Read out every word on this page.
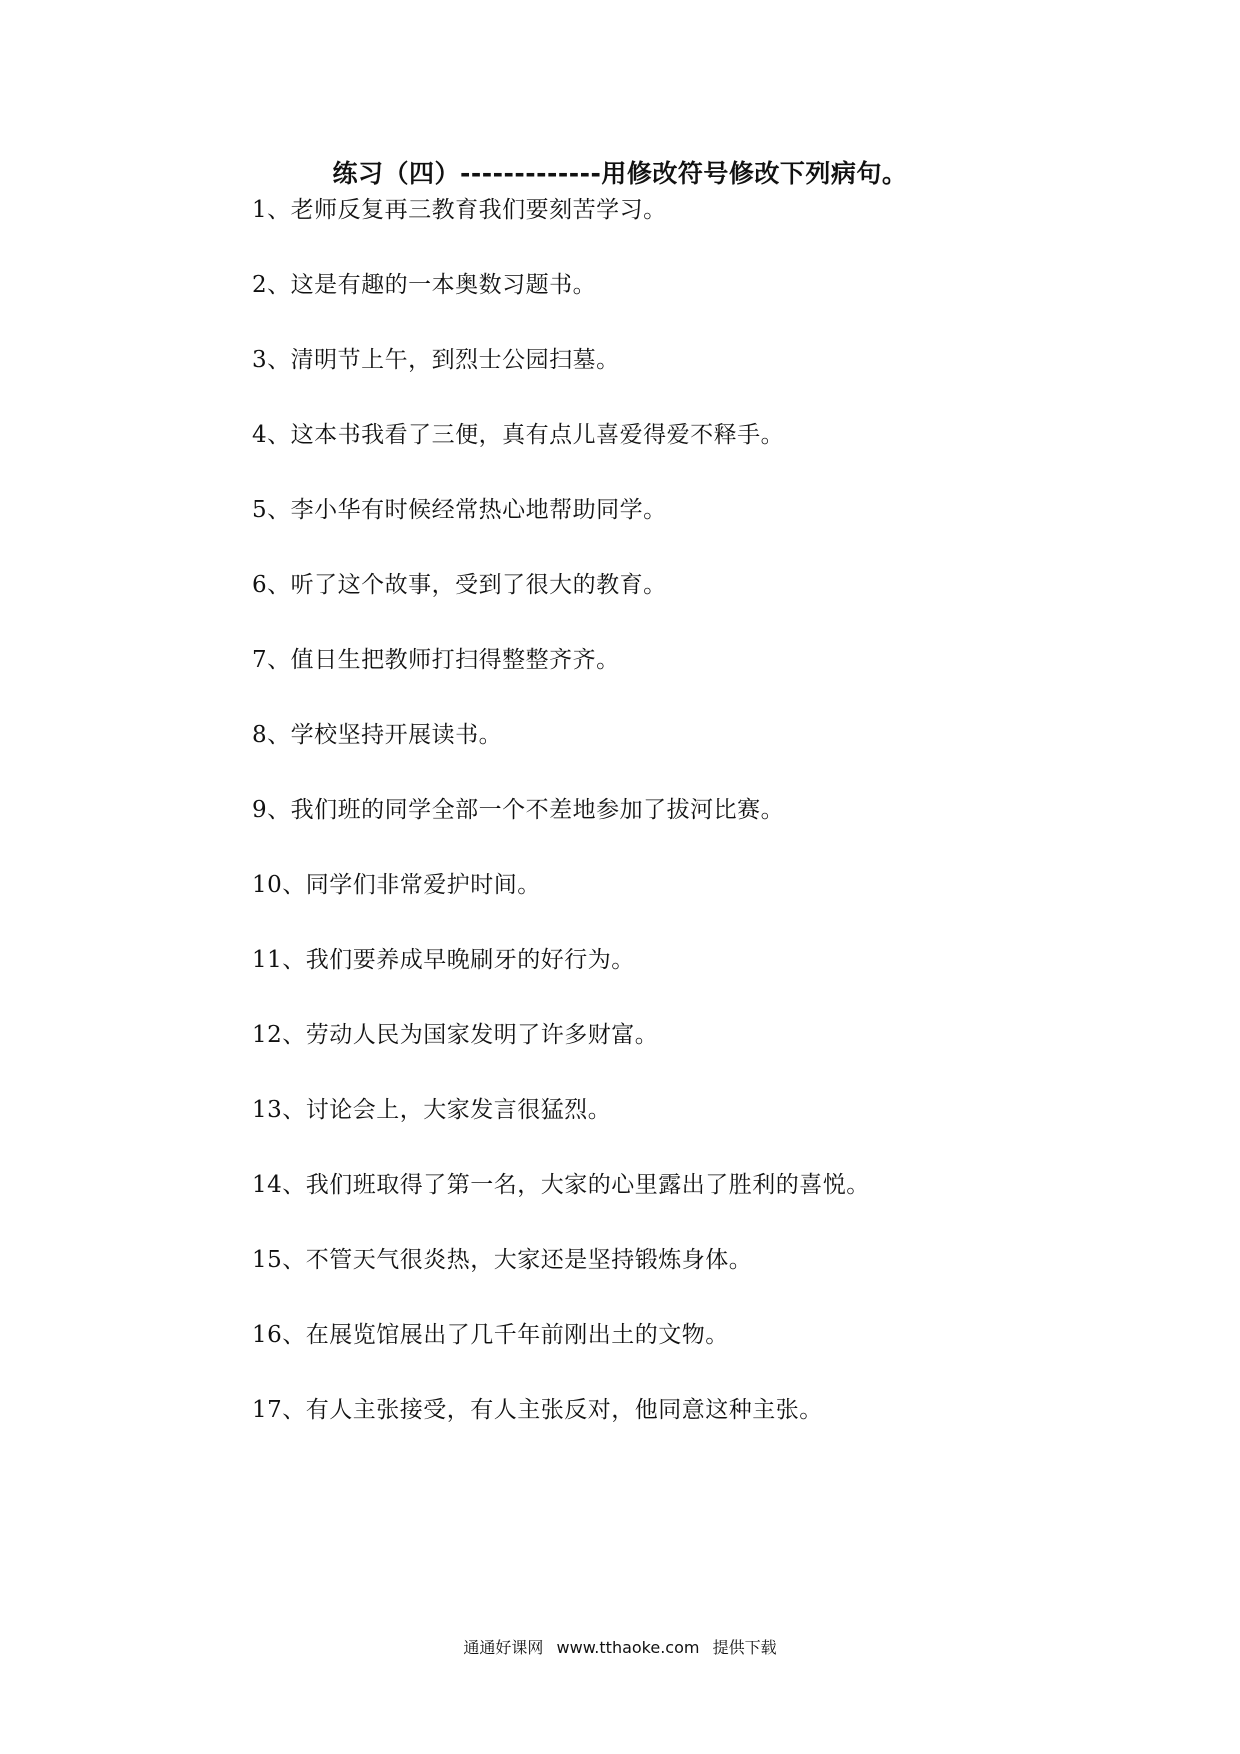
练习（四）-------------用修改符号修改下列病句。
1、老师反复再三教育我们要刻苦学习。
2、这是有趣的一本奥数习题书。
3、清明节上午，到烈士公园扫墓。
4、这本书我看了三便，真有点儿喜爱得爱不释手。
5、李小华有时候经常热心地帮助同学。
6、听了这个故事，受到了很大的教育。
7、值日生把教师打扫得整整齐齐。
8、学校坚持开展读书。
9、我们班的同学全部一个不差地参加了拔河比赛。
10、同学们非常爱护时间。
11、我们要养成早晚刷牙的好行为。
12、劳动人民为国家发明了许多财富。
13、讨论会上，大家发言很猛烈。
14、我们班取得了第一名，大家的心里露出了胜利的喜悦。
15、不管天气很炎热，大家还是坚持锻炼身体。
16、在展览馆展出了几千年前刚出土的文物。
17、有人主张接受，有人主张反对，他同意这种主张。
通通好课网 www.tthaoke.com 提供下载
